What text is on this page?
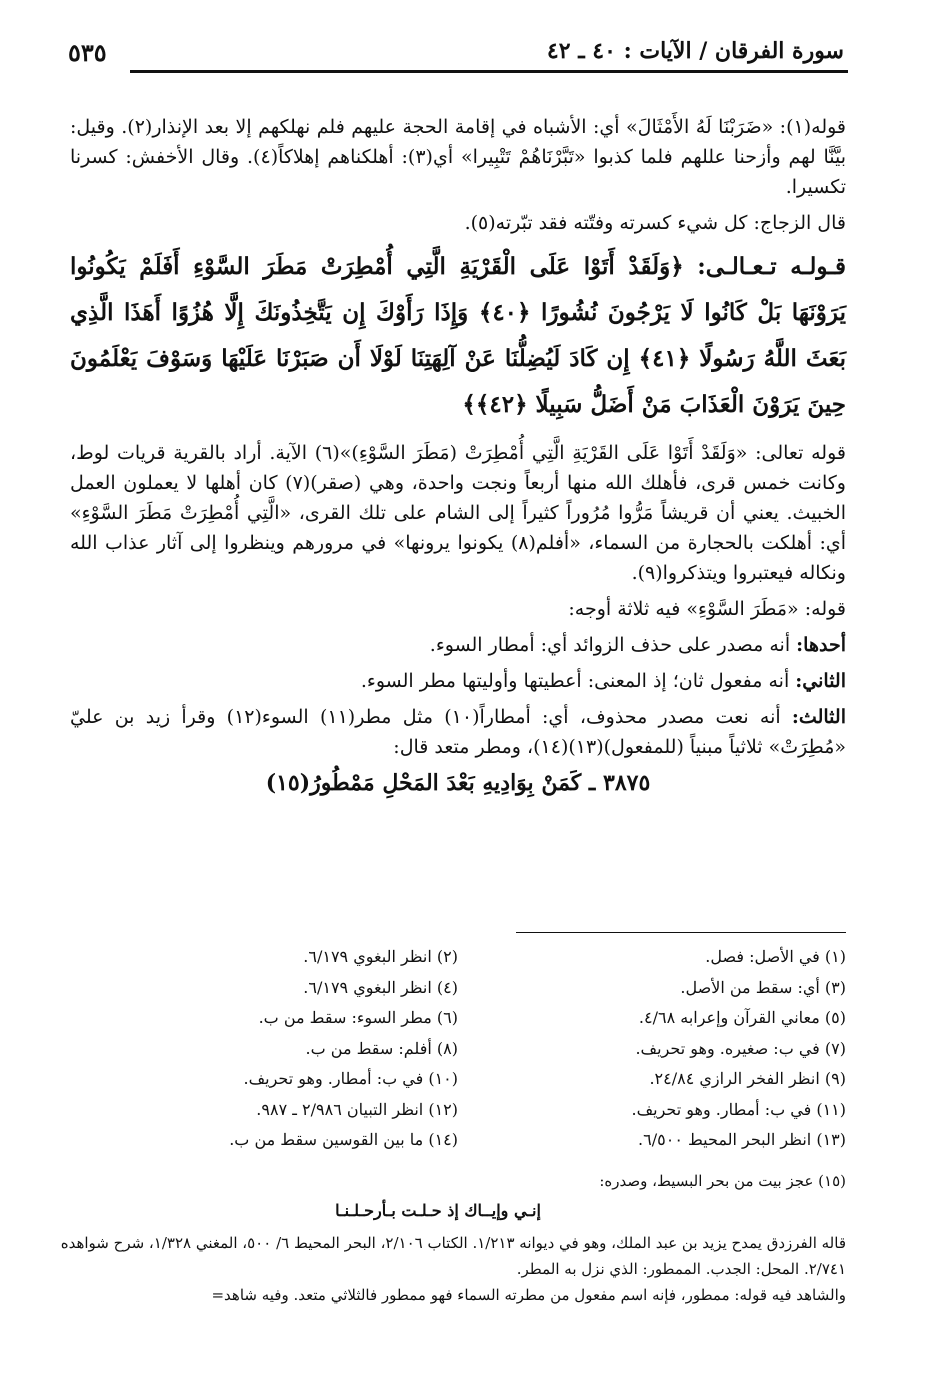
سورة الفرقان / الآيات : ٤٠ ـ ٤٢
٥٣٥

قوله(١): «ضَرَبْنَا لَهُ الأَمْثَالَ» أي: الأشباه في إقامة الحجة عليهم فلم نهلكهم إلا بعد الإنذار(٢). وقيل: بيَّنَّا لهم وأزحنا عللهم فلما كذبوا «تَبَّرْنَاهُمْ تَتْبِيرا» أي(٣): أهلكناهم إهلاكاً(٤). وقال الأخفش: كسرنا تكسيرا.

قال الزجاج: كل شيء كسرته وفتّته فقد تبّرته(٥).

قـولـه تـعـالـى: ﴿وَلَقَدْ أَتَوْا عَلَى الْقَرْيَةِ الَّتِي أُمْطِرَتْ مَطَرَ السَّوْءِ أَفَلَمْ يَكُونُوا يَرَوْنَهَا بَلْ كَانُوا لَا يَرْجُونَ نُشُورًا ﴿٤٠﴾ وَإِذَا رَأَوْكَ إِن يَتَّخِذُونَكَ إِلَّا هُزُوًا أَهَذَا الَّذِي بَعَثَ اللَّهُ رَسُولًا ﴿٤١﴾ إِن كَادَ لَيُضِلُّنَا عَنْ آلِهَتِنَا لَوْلَا أَن صَبَرْنَا عَلَيْهَا وَسَوْفَ يَعْلَمُونَ حِينَ يَرَوْنَ الْعَذَابَ مَنْ أَضَلُّ سَبِيلًا ﴿٤٢﴾﴾

قوله تعالى: «وَلَقَدْ أَتَوْا عَلَى القَرْيَةِ الَّتِي أُمْطِرَتْ (مَطَرَ السَّوْءِ)»(٦) الآية. أراد بالقرية قريات لوط، وكانت خمس قرى، فأهلك الله منها أربعاً ونجت واحدة، وهي (صقر)(٧) كان أهلها لا يعملون العمل الخبيث. يعني أن قريشاً مَرُّوا مُرُوراً كثيراً إلى الشام على تلك القرى، «الَّتِي أُمْطِرَتْ مَطَرَ السَّوْءِ» أي: أهلكت بالحجارة من السماء، «أفلم(٨) يكونوا يرونها» في مرورهم وينظروا إلى آثار عذاب الله ونكاله فيعتبروا ويتذكروا(٩).

قوله: «مَطَرَ السَّوْءِ» فيه ثلاثة أوجه:

أحدها: أنه مصدر على حذف الزوائد أي: أمطار السوء.

الثاني: أنه مفعول ثان؛ إذ المعنى: أعطيتها وأوليتها مطر السوء.

الثالث: أنه نعت مصدر محذوف، أي: أمطاراً(١٠) مثل مطر(١١) السوء(١٢) وقرأ زيد بن عليّ «مُطِرَتْ» ثلاثياً مبنياً (للمفعول)(١٣)(١٤)، ومطر متعد قال:

٣٨٧٥ ـ كَمَنْ بِوَادِيهِ بَعْدَ المَحْلِ مَمْطُورُ(١٥)

(١) في الأصل: فصل.
(٢) انظر البغوي ٦/١٧٩.
(٣) أي: سقط من الأصل.
(٤) انظر البغوي ٦/١٧٩.
(٥) معاني القرآن وإعرابه ٤/٦٨.
(٦) مطر السوء: سقط من ب.
(٧) في ب: صغيره. وهو تحريف.
(٨) أفلم: سقط من ب.
(٩) انظر الفخر الرازي ٢٤/٨٤.
(١٠) في ب: أمطار. وهو تحريف.
(١١) في ب: أمطار. وهو تحريف.
(١٢) انظر التبيان ٢/٩٨٦ ـ ٩٨٧.
(١٣) انظر البحر المحيط ٦/٥٠٠.
(١٤) ما بين القوسين سقط من ب.

(١٥) عجز بيت من بحر البسيط، وصدره:

إنـي وإيــاك إذ حـلـت بـأرحـلـنـا

قاله الفرزدق يمدح يزيد بن عبد الملك، وهو في ديوانه ١/٢١٣. الكتاب ٢/١٠٦، البحر المحيط ٦/ ٥٠٠، المغني ١/٣٢٨، شرح شواهده ٢/٧٤١. المحل: الجدب. الممطور: الذي نزل به المطر.

والشاهد فيه قوله: ممطور، فإنه اسم مفعول من مطرته السماء فهو ممطور فالثلاثي متعد. وفيه شاهد=
